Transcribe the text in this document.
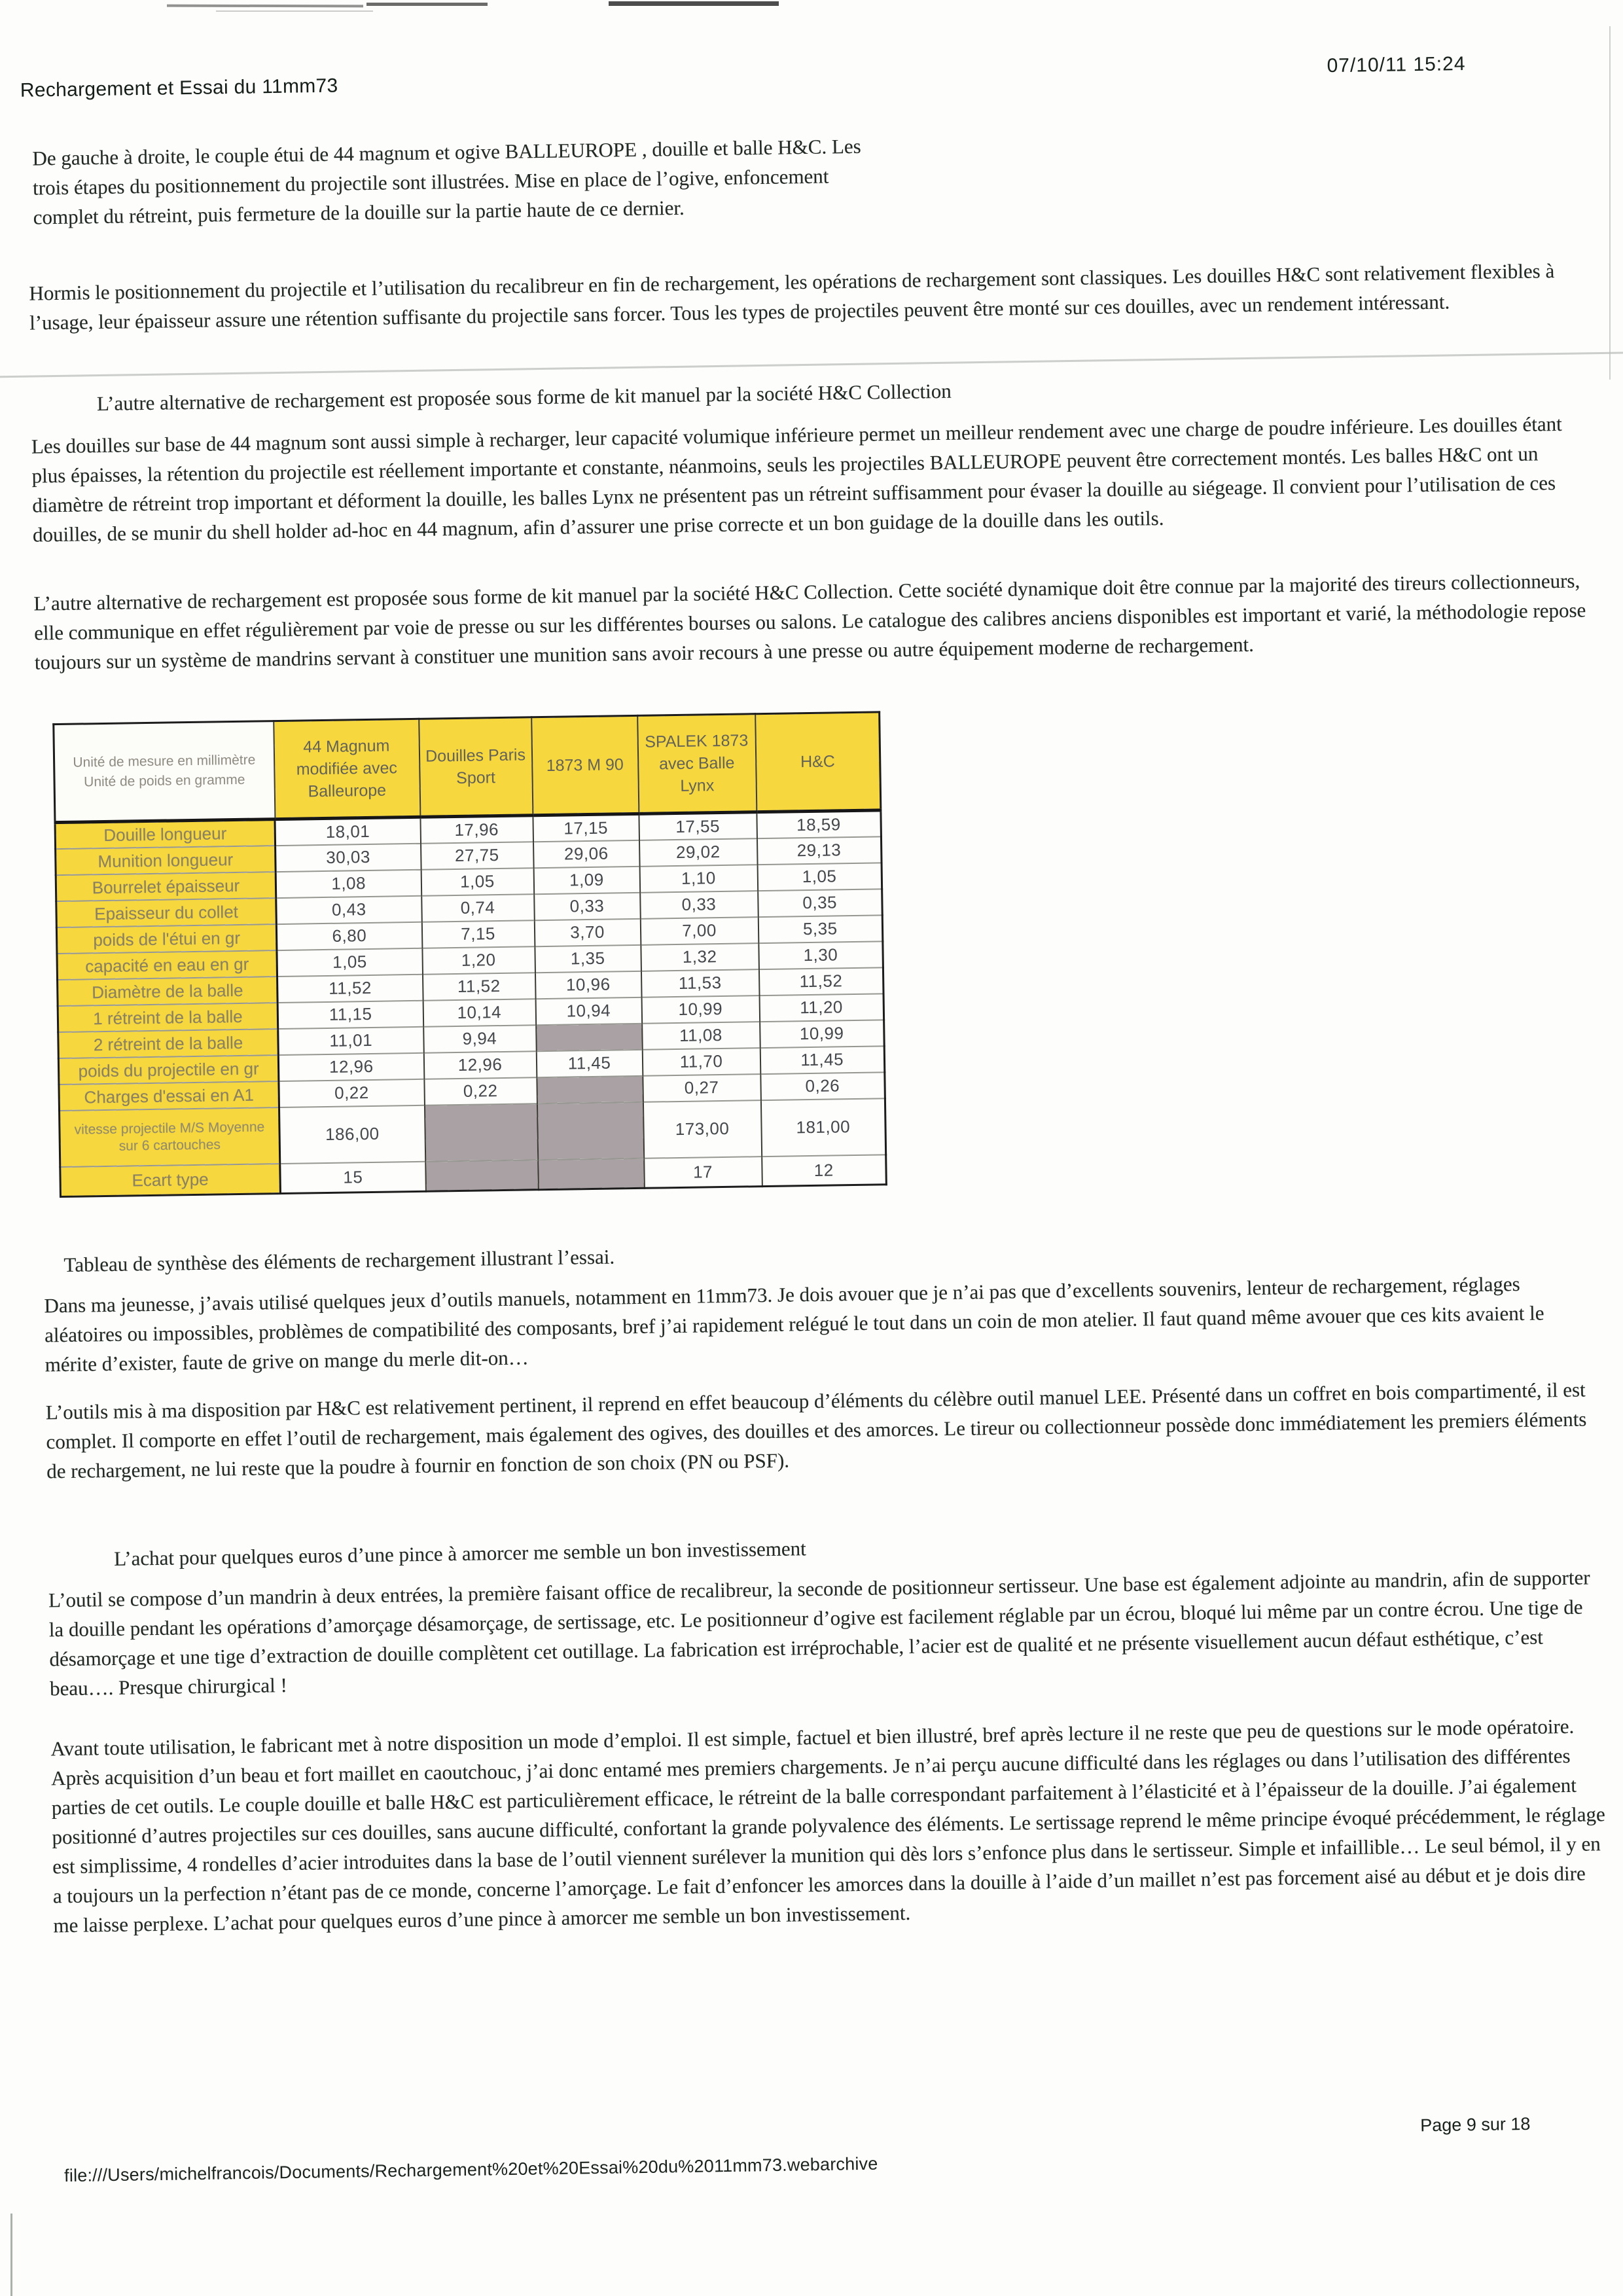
Rechargement et Essai du 11mm73
07/10/11 15:24
De gauche à droite, le couple étui de 44 magnum et ogive BALLEUROPE , douille et balle H&C. Les trois étapes du positionnement du projectile sont illustrées. Mise en place de l’ogive, enfoncement complet du rétreint, puis fermeture de la douille sur la partie haute de ce dernier.
Hormis le positionnement du projectile et l’utilisation du recalibreur en fin de rechargement, les opérations de rechargement sont classiques. Les douilles H&C sont relativement flexibles à l’usage, leur épaisseur assure une rétention suffisante du projectile sans forcer. Tous les types de projectiles peuvent être monté sur ces douilles, avec un rendement intéressant.
L’autre alternative de rechargement est proposée sous forme de kit manuel par la société H&C Collection
Les douilles sur base de 44 magnum sont aussi simple à recharger, leur capacité volumique inférieure permet un meilleur rendement avec une charge de poudre inférieure. Les douilles étant plus épaisses, la rétention du projectile est réellement importante et constante, néanmoins, seuls les projectiles BALLEUROPE peuvent être correctement montés. Les balles H&C ont un diamètre de rétreint trop important et déforment la douille, les balles Lynx ne présentent pas un rétreint suffisamment pour évaser la douille au siégeage. Il convient pour l’utilisation de ces douilles, de se munir du shell holder ad-hoc en 44 magnum, afin d’assurer une prise correcte et un bon guidage de la douille dans les outils.
L’autre alternative de rechargement est proposée sous forme de kit manuel par la société H&C Collection. Cette société dynamique doit être connue par la majorité des tireurs collectionneurs, elle communique en effet régulièrement par voie de presse ou sur les différentes bourses ou salons. Le catalogue des calibres anciens disponibles est important et varié, la méthodologie repose toujours sur un système de mandrins servant à constituer une munition sans avoir recours à une presse ou autre équipement moderne de rechargement.
Unité de mesure en millimètre
Unité de poids en gramme	44 Magnum modifiée avec Balleurope	Douilles Paris Sport	1873 M 90	SPALEK 1873 avec Balle Lynx	H&C
Douille longueur	18,01	17,96	17,15	17,55	18,59
Munition longueur	30,03	27,75	29,06	29,02	29,13
Bourrelet épaisseur	1,08	1,05	1,09	1,10	1,05
Epaisseur du collet	0,43	0,74	0,33	0,33	0,35
poids de l'étui en gr	6,80	7,15	3,70	7,00	5,35
capacité en eau en gr	1,05	1,20	1,35	1,32	1,30
Diamètre de la balle	11,52	11,52	10,96	11,53	11,52
1 rétreint de la balle	11,15	10,14	10,94	10,99	11,20
2 rétreint de la balle	11,01	9,94		11,08	10,99
poids du projectile en gr	12,96	12,96	11,45	11,70	11,45
Charges d'essai en A1	0,22	0,22		0,27	0,26
vitesse projectile M/S Moyenne sur 6 cartouches	186,00			173,00	181,00
Ecart type	15			17	12
Tableau de synthèse des éléments de rechargement illustrant l’essai.
Dans ma jeunesse, j’avais utilisé quelques jeux d’outils manuels, notamment en 11mm73. Je dois avouer que je n’ai pas que d’excellents souvenirs, lenteur de rechargement, réglages aléatoires ou impossibles, problèmes de compatibilité des composants, bref j’ai rapidement relégué le tout dans un coin de mon atelier. Il faut quand même avouer que ces kits avaient le mérite d’exister, faute de grive on mange du merle dit-on…
L’outils mis à ma disposition par H&C est relativement pertinent, il reprend en effet beaucoup d’éléments du célèbre outil manuel LEE. Présenté dans un coffret en bois compartimenté, il est complet. Il comporte en effet l’outil de rechargement, mais également des ogives, des douilles et des amorces. Le tireur ou collectionneur possède donc immédiatement les premiers éléments de rechargement, ne lui reste que la poudre à fournir en fonction de son choix (PN ou PSF).
L’achat pour quelques euros d’une pince à amorcer me semble un bon investissement
L’outil se compose d’un mandrin à deux entrées, la première faisant office de recalibreur, la seconde de positionneur sertisseur. Une base est également adjointe au mandrin, afin de supporter la douille pendant les opérations d’amorçage désamorçage, de sertissage, etc. Le positionneur d’ogive est facilement réglable par un écrou, bloqué lui même par un contre écrou. Une tige de désamorçage et une tige d’extraction de douille complètent cet outillage. La fabrication est irréprochable, l’acier est de qualité et ne présente visuellement aucun défaut esthétique, c’est beau…. Presque chirurgical !
Avant toute utilisation, le fabricant met à notre disposition un mode d’emploi. Il est simple, factuel et bien illustré, bref après lecture il ne reste que peu de questions sur le mode opératoire. Après acquisition d’un beau et fort maillet en caoutchouc, j’ai donc entamé mes premiers chargements. Je n’ai perçu aucune difficulté dans les réglages ou dans l’utilisation des différentes parties de cet outils. Le couple douille et balle H&C est particulièrement efficace, le rétreint de la balle correspondant parfaitement à l’élasticité et à l’épaisseur de la douille. J’ai également positionné d’autres projectiles sur ces douilles, sans aucune difficulté, confortant la grande polyvalence des éléments. Le sertissage reprend le même principe évoqué précédemment, le réglage est simplissime, 4 rondelles d’acier introduites dans la base de l’outil viennent surélever la munition qui dès lors s’enfonce plus dans le sertisseur. Simple et infaillible… Le seul bémol, il y en a toujours un la perfection n’étant pas de ce monde, concerne l’amorçage. Le fait d’enfoncer les amorces dans la douille à l’aide d’un maillet n’est pas forcement aisé au début et je dois dire me laisse perplexe. L’achat pour quelques euros d’une pince à amorcer me semble un bon investissement.
file:///Users/michelfrancois/Documents/Rechargement%20et%20Essai%20du%2011mm73.webarchive
Page 9 sur 18
